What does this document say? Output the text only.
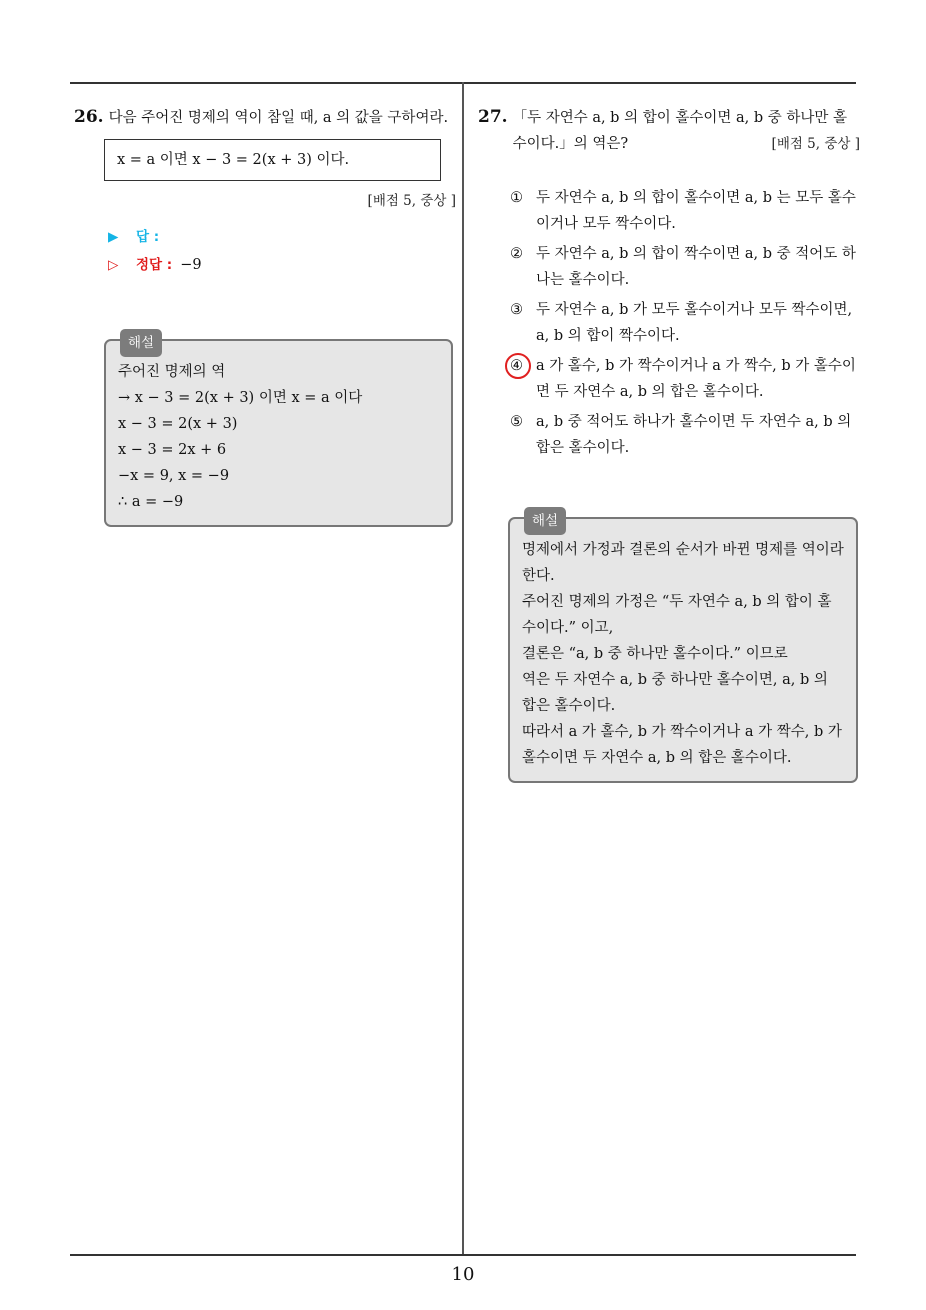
26. 다음 주어진 명제의 역이 참일 때, a 의 값을 구하여라.
x = a 이면 x − 3 = 2(x + 3) 이다.
[배점 5, 중상 ]
▶	답 :
▷	정답 : −9
해설
주어진 명제의 역
→ x − 3 = 2(x + 3) 이면 x = a 이다
x − 3 = 2(x + 3)
x − 3 = 2x + 6
−x = 9, x = −9
∴ a = −9
27. 「두 자연수 a, b 의 합이 홀수이면 a, b 중 하나만 홀수이다.」의 역은?	[배점 5, 중상 ]
① 두 자연수 a, b 의 합이 홀수이면 a, b 는 모두 홀수이거나 모두 짝수이다.
② 두 자연수 a, b 의 합이 짝수이면 a, b 중 적어도 하나는 홀수이다.
③ 두 자연수 a, b 가 모두 홀수이거나 모두 짝수이면, a, b 의 합이 짝수이다.
④ a 가 홀수, b 가 짝수이거나 a 가 짝수, b 가 홀수이면 두 자연수 a, b 의 합은 홀수이다.
⑤ a, b 중 적어도 하나가 홀수이면 두 자연수 a, b 의 합은 홀수이다.
해설
명제에서 가정과 결론의 순서가 바뀐 명제를 역이라 한다.
주어진 명제의 가정은 “두 자연수 a, b 의 합이 홀수이다.” 이고,
결론은 “a, b 중 하나만 홀수이다.” 이므로
역은 두 자연수 a, b 중 하나만 홀수이면, a, b 의 합은 홀수이다.
따라서 a 가 홀수, b 가 짝수이거나 a 가 짝수, b 가 홀수이면 두 자연수 a, b 의 합은 홀수이다.
10
